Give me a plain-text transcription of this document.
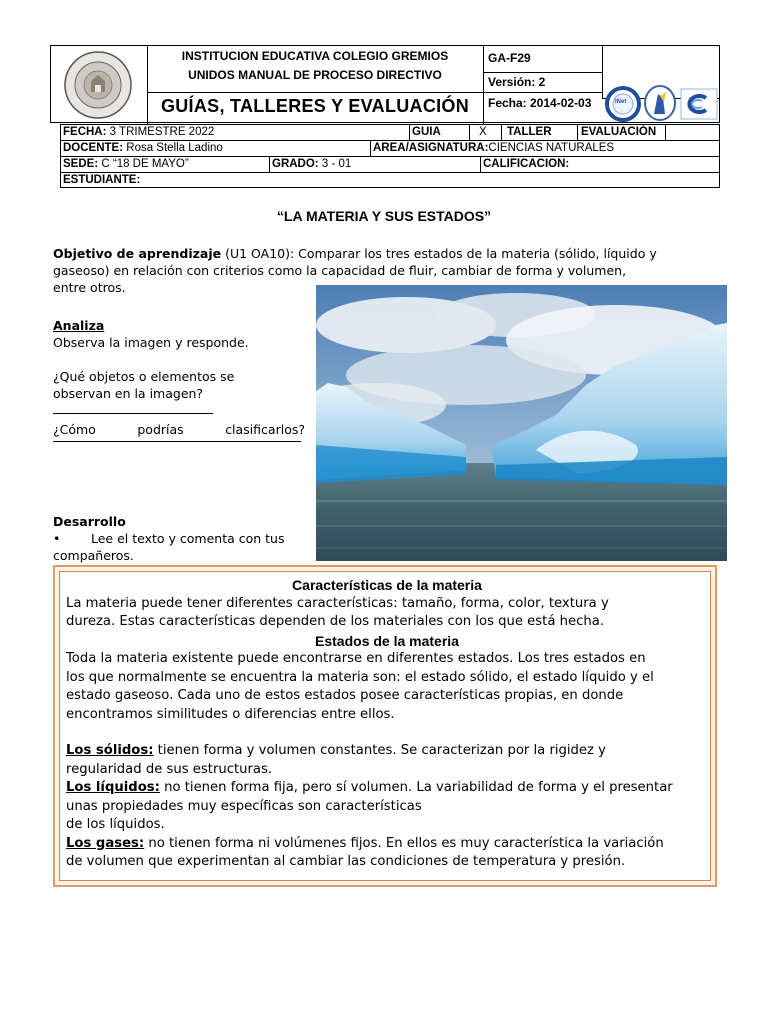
INSTITUCION EDUCATIVA COLEGIO GREMIOS
UNIDOS MANUAL DE PROCESO DIRECTIVO
GUÍAS, TALLERES Y EVALUACIÓN
GA-F29
Versión: 2
Fecha: 2014-02-03	INet
FECHA: 3 TRIMESTRE 2022	GUIA	X TALLER	EVALUACIÓN
DOCENTE: Rosa Stella Ladino	AREA/ASIGNATURA:CIENCIAS NATURALES
SEDE: C “18 DE MAYO”	GRADO: 3 - 01	CALIFICACION:
ESTUDIANTE:
“LA MATERIA Y SUS ESTADOS”
Objetivo de aprendizaje (U1 OA10): Comparar los tres estados de la materia (sólido, líquido y
gaseoso) en relación con criterios como la capacidad de fluir, cambiar de forma y volumen,
entre otros.
Analiza
Observa la imagen y responde.
¿Qué objetos o elementos se
observan en la imagen?
¿Cómo	podrías	clasificarlos?
Desarrollo
•	Lee el texto y comenta con tus
compañeros.
Características de la materia
La materia puede tener diferentes características: tamaño, forma, color, textura y
dureza. Estas características dependen de los materiales con los que está hecha.
Estados de la materia
Toda la materia existente puede encontrarse en diferentes estados. Los tres estados en
los que normalmente se encuentra la materia son: el estado sólido, el estado líquido y el
estado gaseoso. Cada uno de estos estados posee características propias, en donde
encontramos similitudes o diferencias entre ellos.
Los sólidos: tienen forma y volumen constantes. Se caracterizan por la rigidez y
regularidad de sus estructuras.
Los líquidos: no tienen forma fija, pero sí volumen. La variabilidad de forma y el presentar
unas propiedades muy específicas son características
de los líquidos.
Los gases: no tienen forma ni volúmenes fijos. En ellos es muy característica la variación
de volumen que experimentan al cambiar las condiciones de temperatura y presión.
